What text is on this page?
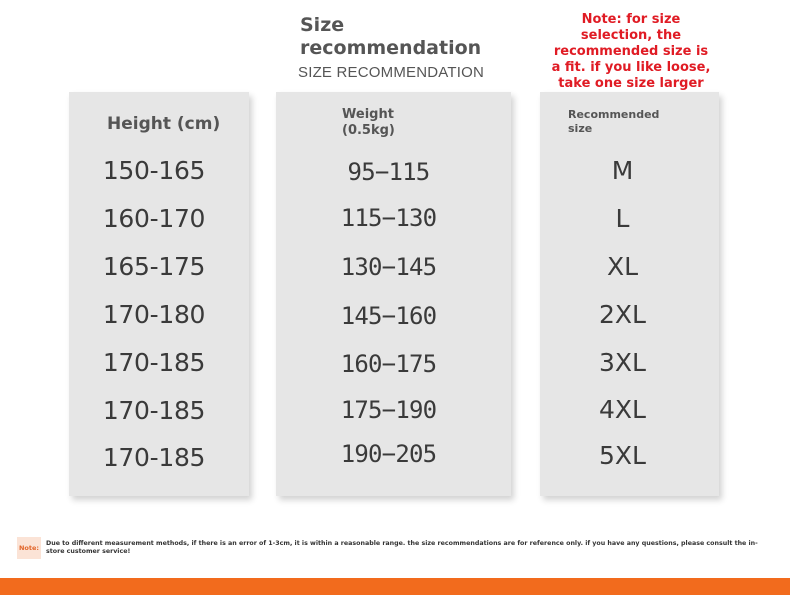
Size
recommendation
SIZE RECOMMENDATION
Note: for size selection, the recommended size is a fit. if you like loose, take one size larger
Height (cm)
150-165
160-170
165-175
170-180
170-185
170-185
170-185
Weight (0.5kg)
95−115
115−130
130−145
145−160
160−175
175−190
190−205
Recommended size
M
L
XL
2XL
3XL
4XL
5XL
Note:
Due to different measurement methods, if there is an error of 1-3cm, it is within a reasonable range. the size recommendations are for reference only. if you have any questions, please consult the in-store customer service!
